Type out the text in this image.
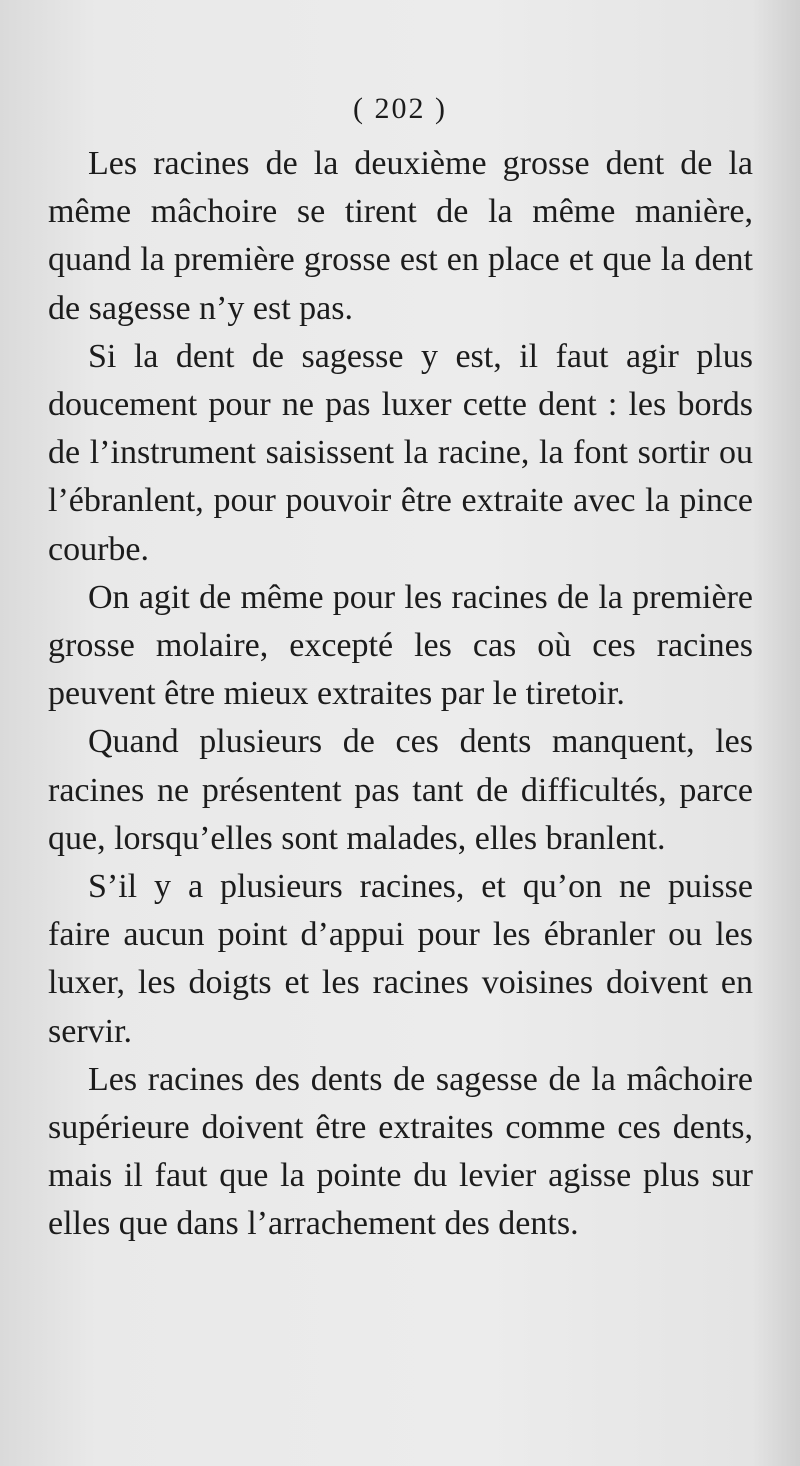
( 202 )

Les racines de la deuxième grosse dent de la même mâchoire se tirent de la même manière, quand la première grosse est en place et que la dent de sagesse n’y est pas.

Si la dent de sagesse y est, il faut agir plus doucement pour ne pas luxer cette dent : les bords de l’instrument saisissent la racine, la font sortir ou l’ébranlent, pour pouvoir être extraite avec la pince courbe.

On agit de même pour les racines de la première grosse molaire, excepté les cas où ces racines peuvent être mieux extraites par le tiretoir.

Quand plusieurs de ces dents manquent, les racines ne présentent pas tant de difficultés, parce que, lorsqu’elles sont malades, elles branlent.

S’il y a plusieurs racines, et qu’on ne puisse faire aucun point d’appui pour les ébranler ou les luxer, les doigts et les racines voisines doivent en servir.

Les racines des dents de sagesse de la mâchoire supérieure doivent être extraites comme ces dents, mais il faut que la pointe du levier agisse plus sur elles que dans l’arrachement des dents.
